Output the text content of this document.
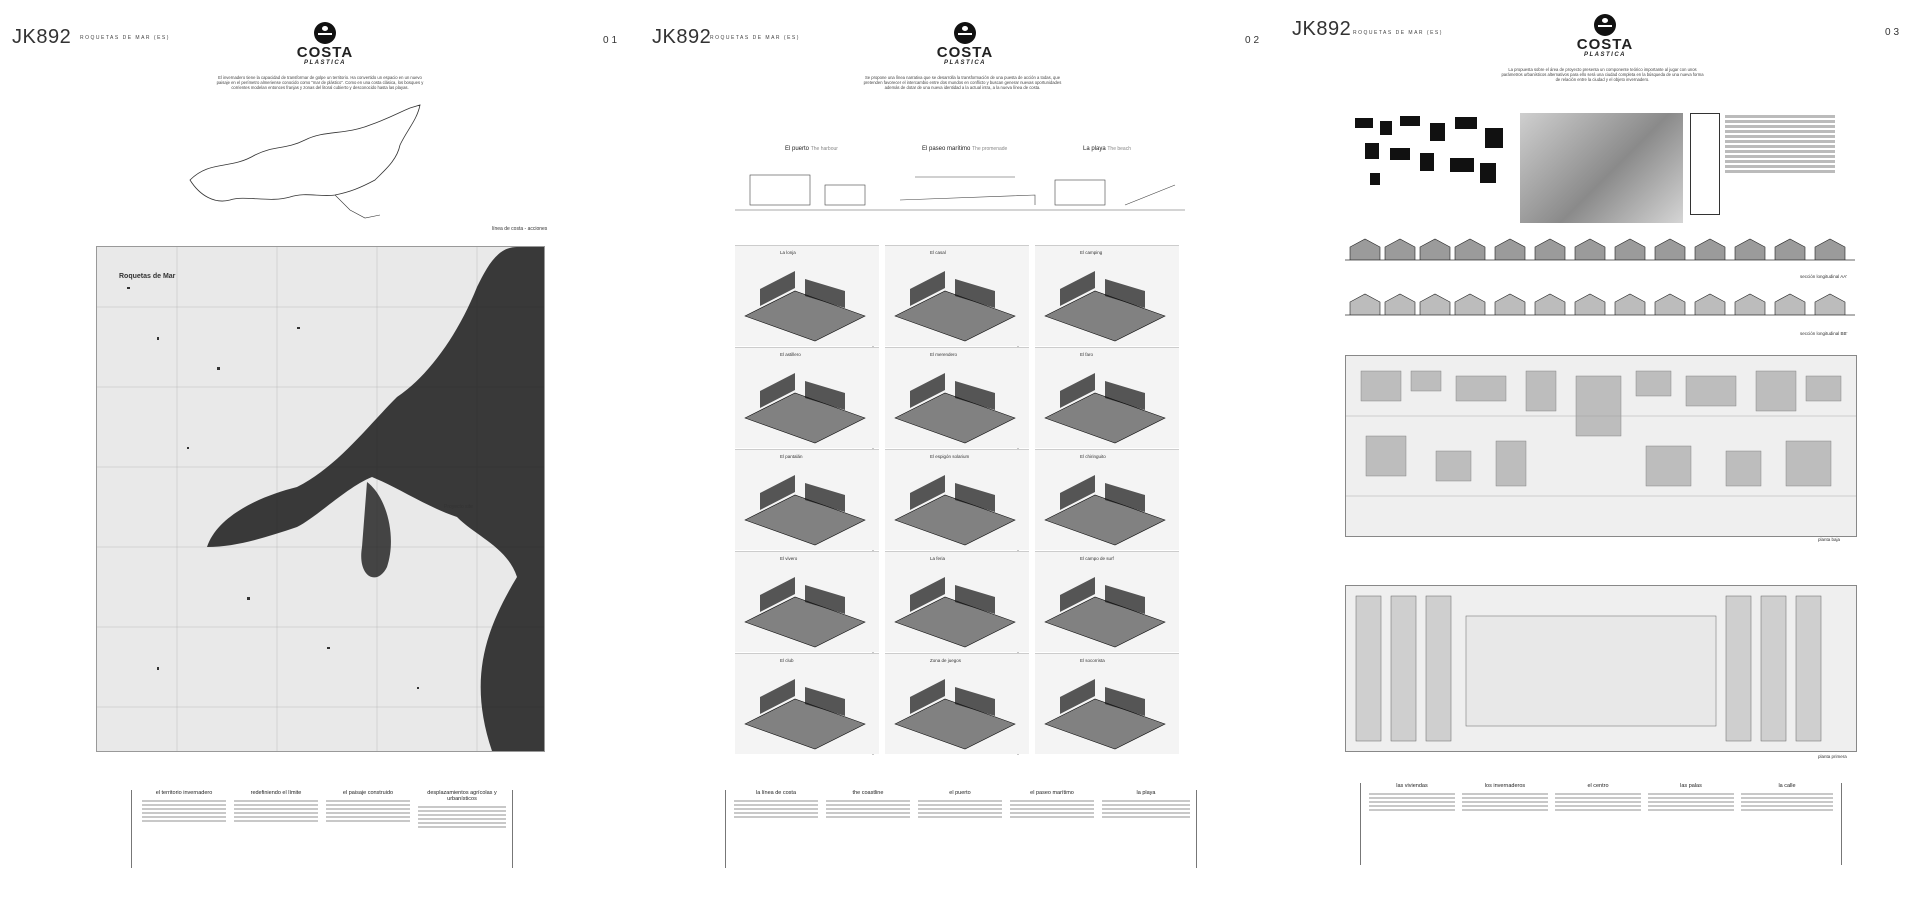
JK892 ROQUETAS DE MAR (ES)	01
COSTA
PLASTICA
El invernadero tiene la capacidad de transformar de golpe un territorio. Ha convertido un espacio en un nuevo paisaje en el perímetro almeriense conocido como "mar de plástico". Como en una costa clásica, los bosques y corrientes modelan entonces franjas y zonas del litoral cubierto y desconocido hasta las playas.
línea de costa - acciones
Roquetas de Mar
Proyecto site
el territorio invernadero	redefiniendo el límite	el paisaje construido	desplazamientos agrícolas y urbanísticos
JK892
ROQUETAS DE MAR (ES)	02
COSTA
PLASTICA
Se propone una línea narrativa que se desarrolla la transformación de una puesta de acción a todas, que pretenden favorecer el intercambio entre dos mundos en conflicto y buscan generar nuevas oportunidades además de dotar de una nueva identidad a la actual intra, a la nueva línea de costa.
El puerto The harbour	El paseo marítimo The promenade	La playa The beach
la línea de costa	the coastline	el puerto	el paseo marítimo	la playa
La lonja	El casal	El camping
El astillero	El merendero	El faro
El pantalán	El espigón solarium	El chiringuito
El vivero	La feria	El campo de surf
El club	Zona de juegos	El socorrista
JK892 ROQUETAS DE MAR (ES)	03
COSTA
PLASTICA
La propuesta sobre el área de proyecto presenta un componente teórico importante al jugar con unos parámetros urbanísticos alternativos para ello será una ciudad completa en la búsqueda de una nueva forma de relación entre la ciudad y el objeto invernadero.
sección longitudinal AA'
sección longitudinal BB'
planta baja
planta primera
las viviendas	los invernaderos	el centro	las palas	la calle
